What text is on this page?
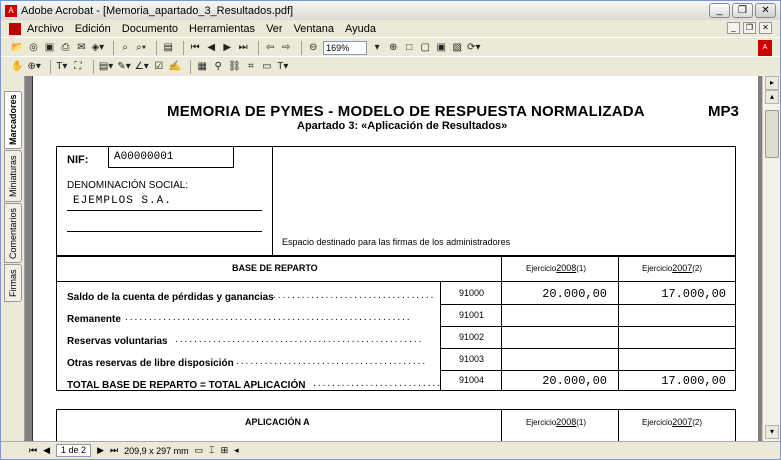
A Adobe Acrobat - [Memoria_apartado_3_Resultados.pdf]	_	❐	✕
Archivo Edición Documento Herramientas Ver Ventana Ayuda	_	❐	✕
📂 ◎ ▣ ⎙ ✉ ◈▾	⌕ ⌕▾ ▤ ⏮ ◀ ▶ ⏭ ⇦ ⇨ ⊖ 169%	▾ ⊕ □ ▢ ▣ ▧ ⟳▾	A
✋ ⊕▾ T▾ ⛶ ▤▾ ✎▾ ∠▾ ☑ ✍ ▦ ⚲ ⛓ ⌗ ▭ T▾
Marcadores
Miniaturas
Comentarios
Firmas
MEMORIA DE PYMES - MODELO DE RESPUESTA NORMALIZADA	MP3
Apartado 3: «Aplicación de Resultados»
NIF: A00000001
DENOMINACIÓN SOCIAL:
EJEMPLOS S.A.
Espacio destinado para las firmas de los administradores
BASE DE REPARTO	Ejercicio2008(1)	Ejercicio2007(2)
Saldo de la cuenta de pérdidas y ganancias ..................................	91000	20.000,00	17.000,00
Remanente ............................................................	91001
Reservas voluntarias ....................................................	91002
Otras reservas de libre disposición ........................................	91003
TOTAL BASE DE REPARTO = TOTAL APLICACIÓN ........................... 91004	20.000,00	17.000,00
APLICACIÓN A	Ejercicio2008(1)	Ejercicio2007(2)
▸
▴
▾
⏮ ◀	1 de 2	▶ ⏭ 209,9 x 297 mm ▭ ⌶ ⊞ ◂
